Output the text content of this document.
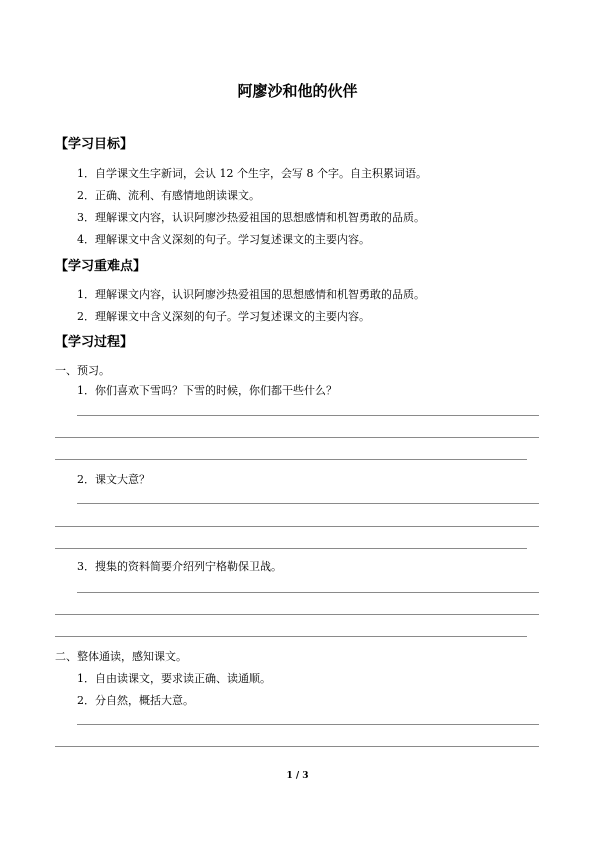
阿廖沙和他的伙伴
【学习目标】
1．自学课文生字新词，会认 12 个生字，会写 8 个字。自主积累词语。
2．正确、流利、有感情地朗读课文。
3．理解课文内容，认识阿廖沙热爱祖国的思想感情和机智勇敢的品质。
4．理解课文中含义深刻的句子。学习复述课文的主要内容。
【学习重难点】
1．理解课文内容，认识阿廖沙热爱祖国的思想感情和机智勇敢的品质。
2．理解课文中含义深刻的句子。学习复述课文的主要内容。
【学习过程】
一、预习。
1．你们喜欢下雪吗？下雪的时候，你们都干些什么？
2．课文大意？
3．搜集的资料简要介绍列宁格勒保卫战。
二、整体通读，感知课文。
1．自由读课文，要求读正确、读通顺。
2．分自然，概括大意。
1 / 3
